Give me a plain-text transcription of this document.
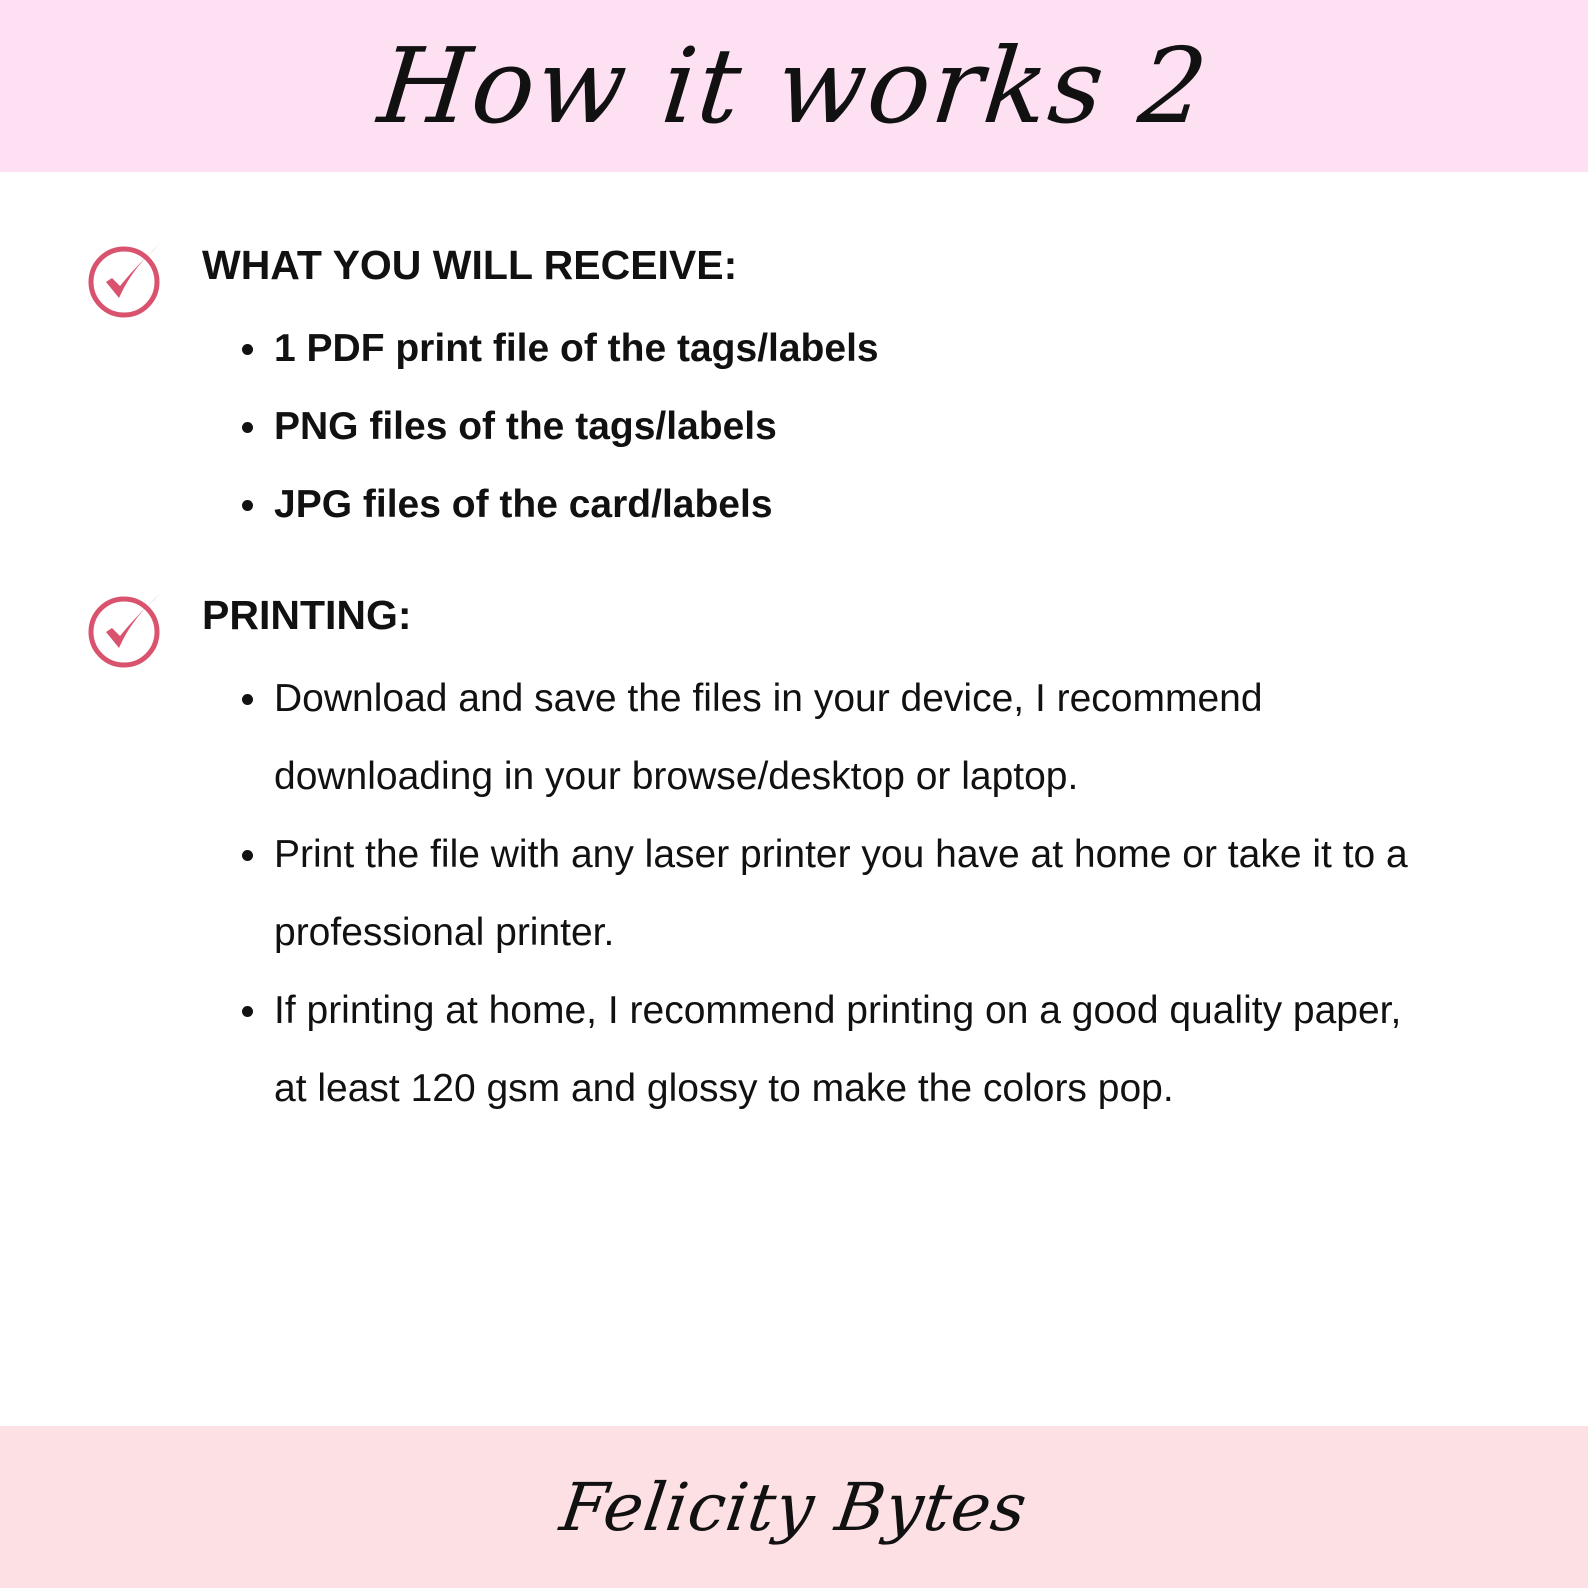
How it works 2
WHAT YOU WILL RECEIVE:
1 PDF print file of the tags/labels
PNG files of the tags/labels
JPG files of the card/labels
PRINTING:
Download and save the files in your device, I recommend downloading in your browse/desktop or laptop.
Print the file with any laser printer you have at home or take it to a professional printer.
If printing at home, I recommend printing on a good quality paper, at least 120 gsm and glossy to make the colors pop.
Felicity Bytes
